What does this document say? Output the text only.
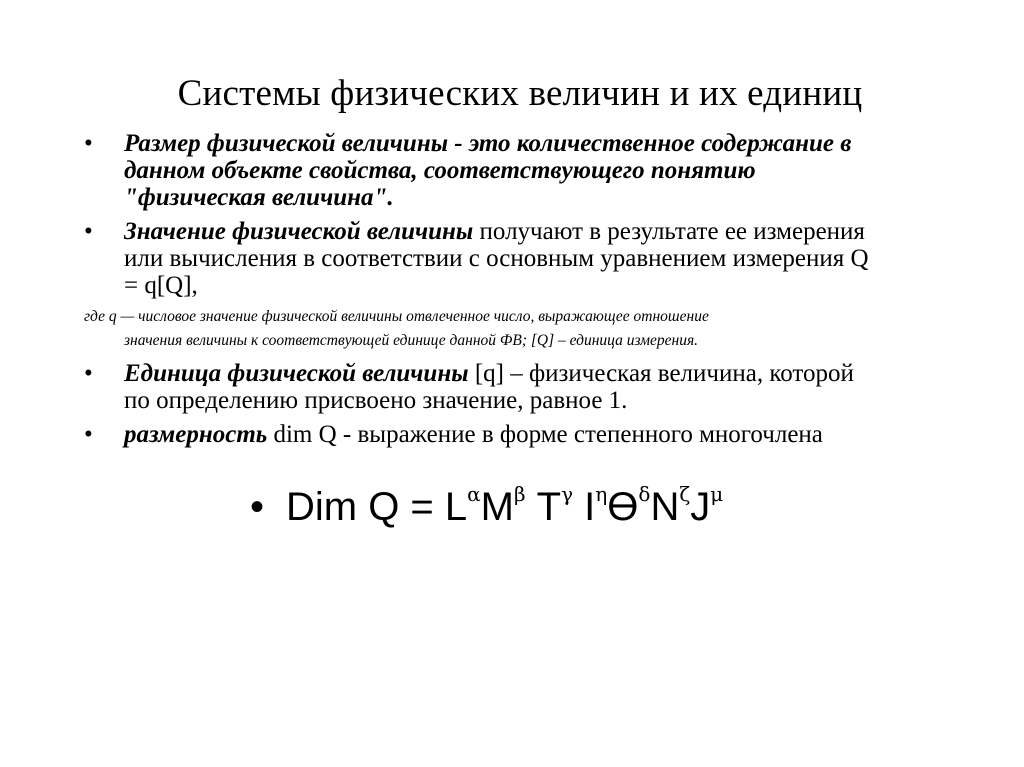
Системы физических величин и их единиц
• Размер физической величины - это количественное содержание в данном объекте свойства, соответствующего понятию "физическая величина".
• Значение физической величины получают в результате ее измерения или вычисления в соответствии с основным уравнением измерения Q = q[Q],
где q — числовое значение физической величины отвлеченное число, выражающее отношение
значения величины к соответствующей единице данной ФВ; [Q] – единица измерения.
• Единица физической величины [q] – физическая величина, которой по определению присвоено значение, равное 1.
• размерность dim Q - выражение в форме степенного многочлена
• Dim $Q = L^\alpha M^\beta$ $T^\gamma$ $I^\eta ϴ^\delta N^\zeta J^\mu$
